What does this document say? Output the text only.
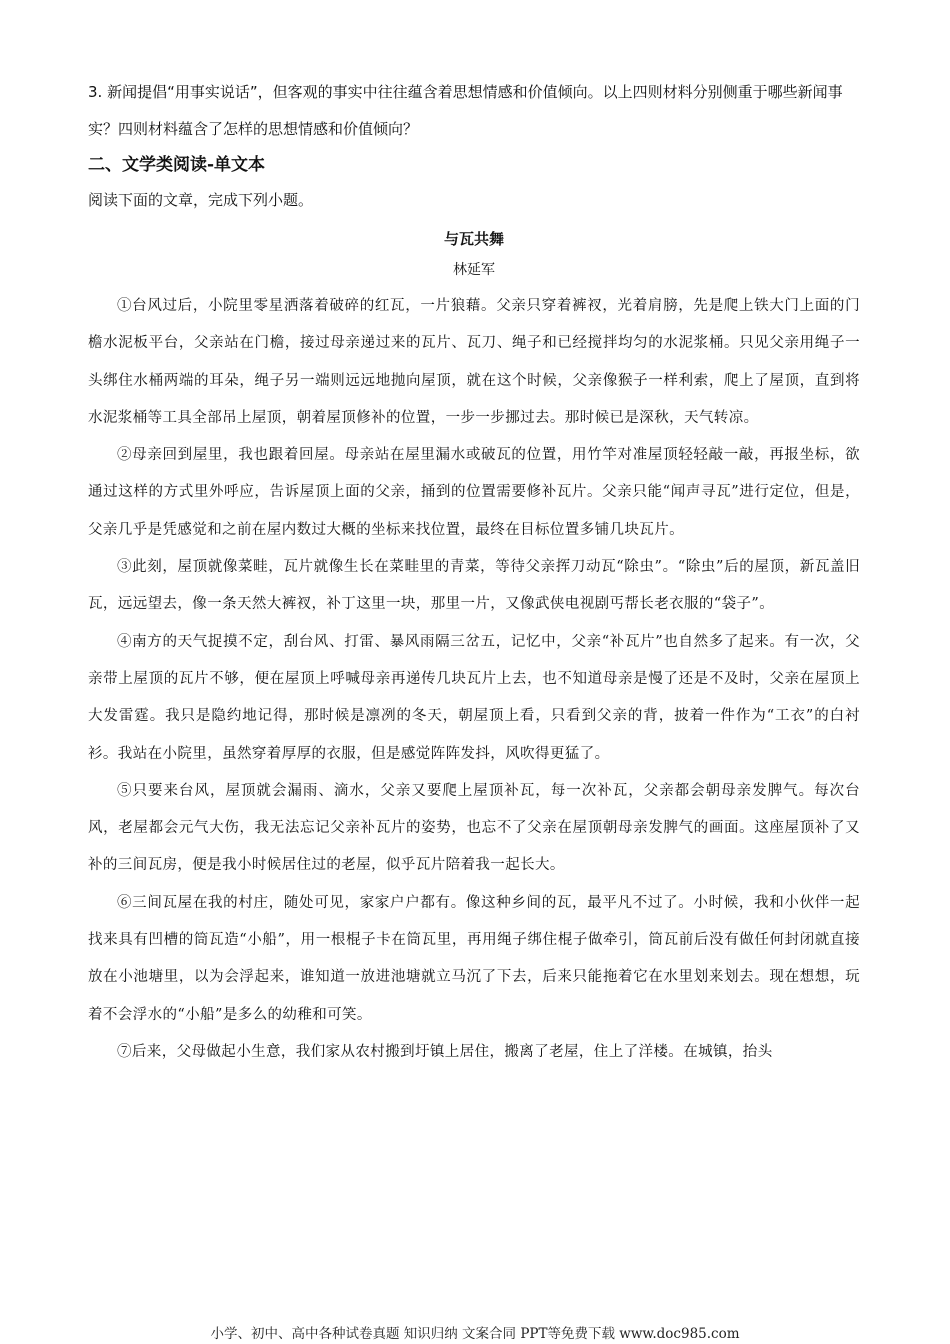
3. 新闻提倡“用事实说话”，但客观的事实中往往蕴含着思想情感和价值倾向。以上四则材料分别侧重于哪些新闻事实？四则材料蕴含了怎样的思想情感和价值倾向？

二、文学类阅读-单文本

阅读下面的文章，完成下列小题。

与瓦共舞

林延军

①台风过后，小院里零星洒落着破碎的红瓦，一片狼藉。父亲只穿着裤衩，光着肩膀，先是爬上铁大门上面的门檐水泥板平台，父亲站在门檐，接过母亲递过来的瓦片、瓦刀、绳子和已经搅拌均匀的水泥浆桶。只见父亲用绳子一头绑住水桶两端的耳朵，绳子另一端则远远地抛向屋顶，就在这个时候，父亲像猴子一样利索，爬上了屋顶，直到将水泥浆桶等工具全部吊上屋顶，朝着屋顶修补的位置，一步一步挪过去。那时候已是深秋，天气转凉。

②母亲回到屋里，我也跟着回屋。母亲站在屋里漏水或破瓦的位置，用竹竿对准屋顶轻轻敲一敲，再报坐标，欲通过这样的方式里外呼应，告诉屋顶上面的父亲，捅到的位置需要修补瓦片。父亲只能“闻声寻瓦”进行定位，但是，父亲几乎是凭感觉和之前在屋内数过大概的坐标来找位置，最终在目标位置多铺几块瓦片。

③此刻，屋顶就像菜畦，瓦片就像生长在菜畦里的青菜，等待父亲挥刀动瓦“除虫”。“除虫”后的屋顶，新瓦盖旧瓦，远远望去，像一条天然大裤衩，补丁这里一块，那里一片，又像武侠电视剧丐帮长老衣服的“袋子”。

④南方的天气捉摸不定，刮台风、打雷、暴风雨隔三岔五，记忆中，父亲“补瓦片”也自然多了起来。有一次，父亲带上屋顶的瓦片不够，便在屋顶上呼喊母亲再递传几块瓦片上去，也不知道母亲是慢了还是不及时，父亲在屋顶上大发雷霆。我只是隐约地记得，那时候是凛冽的冬天，朝屋顶上看，只看到父亲的背，披着一件作为“工衣”的白衬衫。我站在小院里，虽然穿着厚厚的衣服，但是感觉阵阵发抖，风吹得更猛了。

⑤只要来台风，屋顶就会漏雨、滴水，父亲又要爬上屋顶补瓦，每一次补瓦，父亲都会朝母亲发脾气。每次台风，老屋都会元气大伤，我无法忘记父亲补瓦片的姿势，也忘不了父亲在屋顶朝母亲发脾气的画面。这座屋顶补了又补的三间瓦房，便是我小时候居住过的老屋，似乎瓦片陪着我一起长大。

⑥三间瓦屋在我的村庄，随处可见，家家户户都有。像这种乡间的瓦，最平凡不过了。小时候，我和小伙伴一起找来具有凹槽的筒瓦造“小船”，用一根棍子卡在筒瓦里，再用绳子绑住棍子做牵引，筒瓦前后没有做任何封闭就直接放在小池塘里，以为会浮起来，谁知道一放进池塘就立马沉了下去，后来只能拖着它在水里划来划去。现在想想，玩着不会浮水的“小船”是多么的幼稚和可笑。

⑦后来，父母做起小生意，我们家从农村搬到圩镇上居住，搬离了老屋，住上了洋楼。在城镇，抬头

小学、初中、高中各种试卷真题 知识归纳 文案合同 PPT等免费下载 www.doc985.com
